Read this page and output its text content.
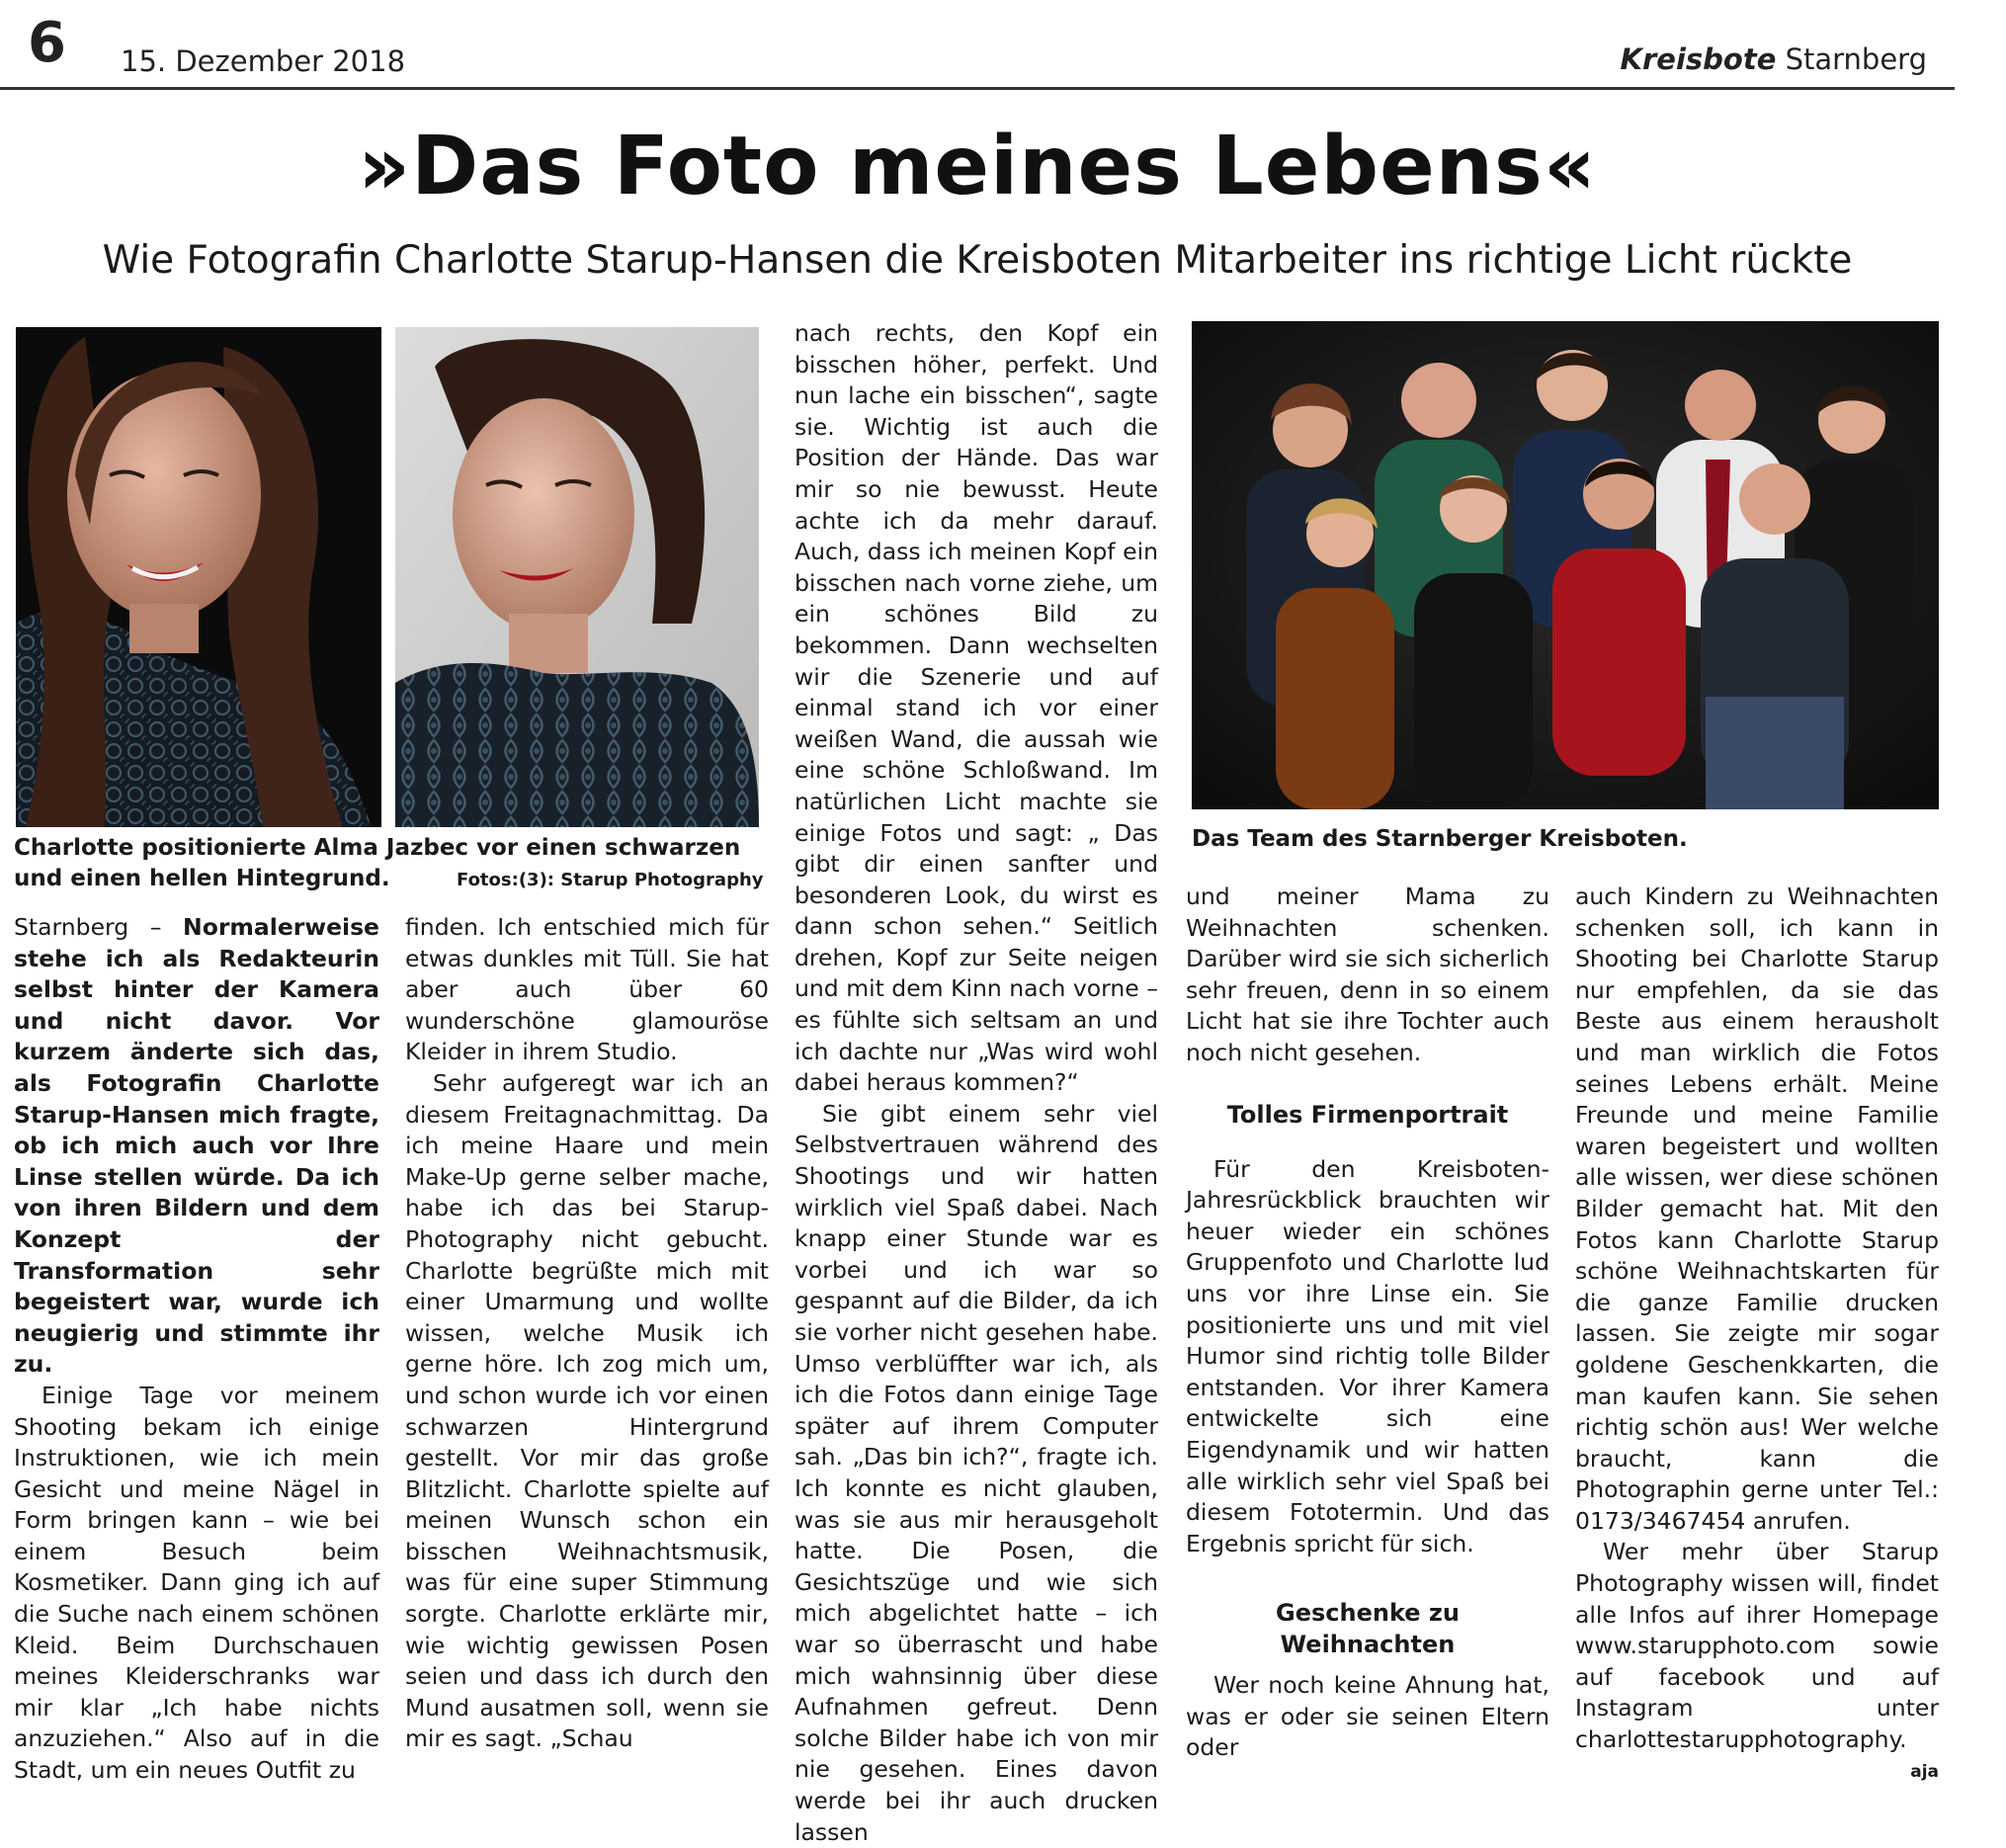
6 15. Dezember 2018	Kreisbote Starnberg
»Das Foto meines Lebens«
Wie Fotografin Charlotte Starup-Hansen die Kreisboten Mitarbeiter ins richtige Licht rückte
Charlotte positionierte Alma Jazbec vor einen schwarzen und einen hellen Hintegrund.	Fotos:(3): Starup Photography
Das Team des Starnberger Kreisboten.

Starnberg – Normalerweise stehe ich als Redakteurin selbst hinter der Kamera und nicht davor. Vor kurzem änderte sich das, als Fotografin Charlotte Starup-Hansen mich fragte, ob ich mich auch vor Ihre Linse stellen würde. Da ich von ihren Bildern und dem Konzept der Transformation sehr begeistert war, wurde ich neugierig und stimmte ihr zu.

Einige Tage vor meinem Shooting bekam ich einige Instruktionen, wie ich mein Gesicht und meine Nägel in Form bringen kann – wie bei einem Besuch beim Kosmetiker. Dann ging ich auf die Suche nach einem schönen Kleid. Beim Durchschauen meines Kleiderschranks war mir klar „Ich habe nichts anzuziehen.“ Also auf in die Stadt, um ein neues Outfit zu

finden. Ich entschied mich für etwas dunkles mit Tüll. Sie hat aber auch über 60 wunderschöne glamouröse Kleider in ihrem Studio.

Sehr aufgeregt war ich an diesem Freitagnachmittag. Da ich meine Haare und mein Make-Up gerne selber mache, habe ich das bei Starup-Photography nicht gebucht. Charlotte begrüßte mich mit einer Umarmung und wollte wissen, welche Musik ich gerne höre. Ich zog mich um, und schon wurde ich vor einen schwarzen Hintergrund gestellt. Vor mir das große Blitzlicht. Charlotte spielte auf meinen Wunsch schon ein bisschen Weihnachtsmusik, was für eine super Stimmung sorgte. Charlotte erklärte mir, wie wichtig gewissen Posen seien und dass ich durch den Mund ausatmen soll, wenn sie mir es sagt. „Schau

nach rechts, den Kopf ein bisschen höher, perfekt. Und nun lache ein bisschen“, sagte sie. Wichtig ist auch die Position der Hände. Das war mir so nie bewusst. Heute achte ich da mehr darauf. Auch, dass ich meinen Kopf ein bisschen nach vorne ziehe, um ein schönes Bild zu bekommen. Dann wechselten wir die Szenerie und auf einmal stand ich vor einer weißen Wand, die aussah wie eine schöne Schloßwand. Im natürlichen Licht machte sie einige Fotos und sagt: „ Das gibt dir einen sanfter und besonderen Look, du wirst es dann schon sehen.“ Seitlich drehen, Kopf zur Seite neigen und mit dem Kinn nach vorne – es fühlte sich seltsam an und ich dachte nur „Was wird wohl dabei heraus kommen?“

Sie gibt einem sehr viel Selbstvertrauen während des Shootings und wir hatten wirklich viel Spaß dabei. Nach knapp einer Stunde war es vorbei und ich war so gespannt auf die Bilder, da ich sie vorher nicht gesehen habe. Umso verblüffter war ich, als ich die Fotos dann einige Tage später auf ihrem Computer sah. „Das bin ich?“, fragte ich. Ich konnte es nicht glauben, was sie aus mir herausgeholt hatte. Die Posen, die Gesichtszüge und wie sich mich abgelichtet hatte – ich war so überrascht und habe mich wahnsinnig über diese Aufnahmen gefreut. Denn solche Bilder habe ich von mir nie gesehen. Eines davon werde bei ihr auch drucken lassen

und meiner Mama zu Weihnachten schenken. Darüber wird sie sich sicherlich sehr freuen, denn in so einem Licht hat sie ihre Tochter auch noch nicht gesehen.

Tolles Firmenportrait

Für den Kreisboten-Jahresrückblick brauchten wir heuer wieder ein schönes Gruppenfoto und Charlotte lud uns vor ihre Linse ein. Sie positionierte uns und mit viel Humor sind richtig tolle Bilder entstanden. Vor ihrer Kamera entwickelte sich eine Eigendynamik und wir hatten alle wirklich sehr viel Spaß bei diesem Fototermin. Und das Ergebnis spricht für sich.

Geschenke zu Weihnachten

Wer noch keine Ahnung hat, was er oder sie seinen Eltern oder

auch Kindern zu Weihnachten schenken soll, ich kann in Shooting bei Charlotte Starup nur empfehlen, da sie das Beste aus einem herausholt und man wirklich die Fotos seines Lebens erhält. Meine Freunde und meine Familie waren begeistert und wollten alle wissen, wer diese schönen Bilder gemacht hat. Mit den Fotos kann Charlotte Starup schöne Weihnachtskarten für die ganze Familie drucken lassen. Sie zeigte mir sogar goldene Geschenkkarten, die man kaufen kann. Sie sehen richtig schön aus! Wer welche braucht, kann die Photographin gerne unter Tel.: 0173/3467454 anrufen.

Wer mehr über Starup Photography wissen will, findet alle Infos auf ihrer Homepage www.starupphoto.com sowie auf facebook und auf Instagram unter charlottestarupphotography.
aja
